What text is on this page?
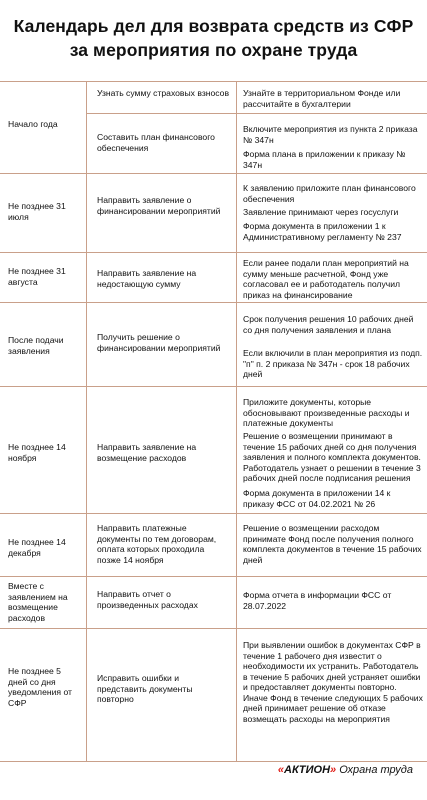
Календарь дел для возврата средств из СФР
за мероприятия по охране труда
Начало года
Узнать сумму страховых взносов Узнайте в территориальном Фонде или рассчитайте в бухгалтерии
Составить план финансового обеспечения
Включите мероприятия из пункта 2 приказа № 347н
Форма плана в приложении к приказу № 347н
Не позднее 31 июля
Направить заявление о финансировании мероприятий
К заявлению приложите план финансового обеспечения
Заявление принимают через госуслуги
Форма документа в приложении 1 к Административному регламенту № 237
Не позднее 31 августа
Направить заявление на недостающую сумму
Если ранее подали план мероприятий на сумму меньше расчетной, Фонд уже согласовал ее и работодатель получил приказ на финансирование
После подачи заявления
Получить решение о финансировании мероприятий
Срок получения решения 10 рабочих дней со дня получения заявления и плана
Если включили в план мероприятия из подп. "п" п. 2 приказа № 347н - срок 18 рабочих дней
Не позднее 14 ноября
Направить заявление на возмещение расходов
Приложите документы, которые обосновывают произведенные расходы и платежные документы
Решение о возмещении принимают в течение 15 рабочих дней со дня получения заявления и полного комплекта документов. Работодатель узнает о решении в течение 3 рабочих дней после подписания решения
Форма документа в приложении 14 к приказу ФСС от 04.02.2021 № 26
Не позднее 14 декабря
Направить платежные документы по тем договорам, оплата которых проходила позже 14 ноября
Решение о возмещении расходом принимате Фонд после получения полного комплекта документов в течение 15 рабочих дней
Вместе с заявлением на возмещение расходов
Направить отчет о произведенных расходах
Форма отчета в информации ФСС от 28.07.2022
Не позднее 5 дней со дня уведомления от СФР
Исправить ошибки и представить документы повторно
При выявлении ошибок в документах СФР в течение 1 рабочего дня известит о необходимости их устранить. Работодатель в течение 5 рабочих дней устраняет ошибки и предоставляет документы повторно. Иначе Фонд в течение следующих 5 рабочих дней принимает решение об отказе возмещать расходы на мероприятия
«АКТИОН» Охрана труда
